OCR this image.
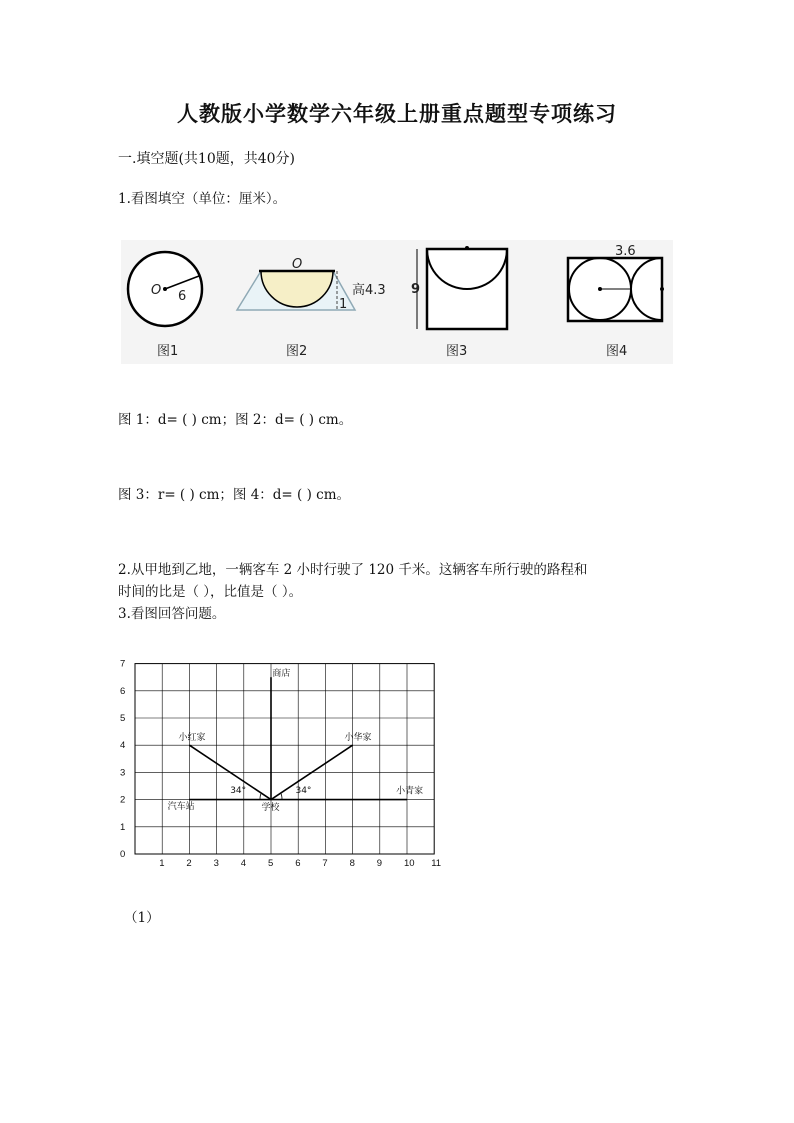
人教版小学数学六年级上册重点题型专项练习
一.填空题(共10题，共40分)
1.看图填空（单位：厘米）。
O 6
图1
O
高4.3
1
图2
9
图3
3.6
图4
图 1：d= ( ) cm；图 2：d= ( ) cm。
图 3：r= ( ) cm；图 4：d= ( ) cm。
2.从甲地到乙地，一辆客车 2 小时行驶了 120 千米。这辆客车所行驶的路程和
时间的比是（ ），比值是（ ）。
3.看图回答问题。
1 2 3 4 5 6 7 8 9 10 11
0
1
2
3
4
5
6
7
34°	34°
商店
小红家	小华家
汽车站	学校
小青家
（1）
